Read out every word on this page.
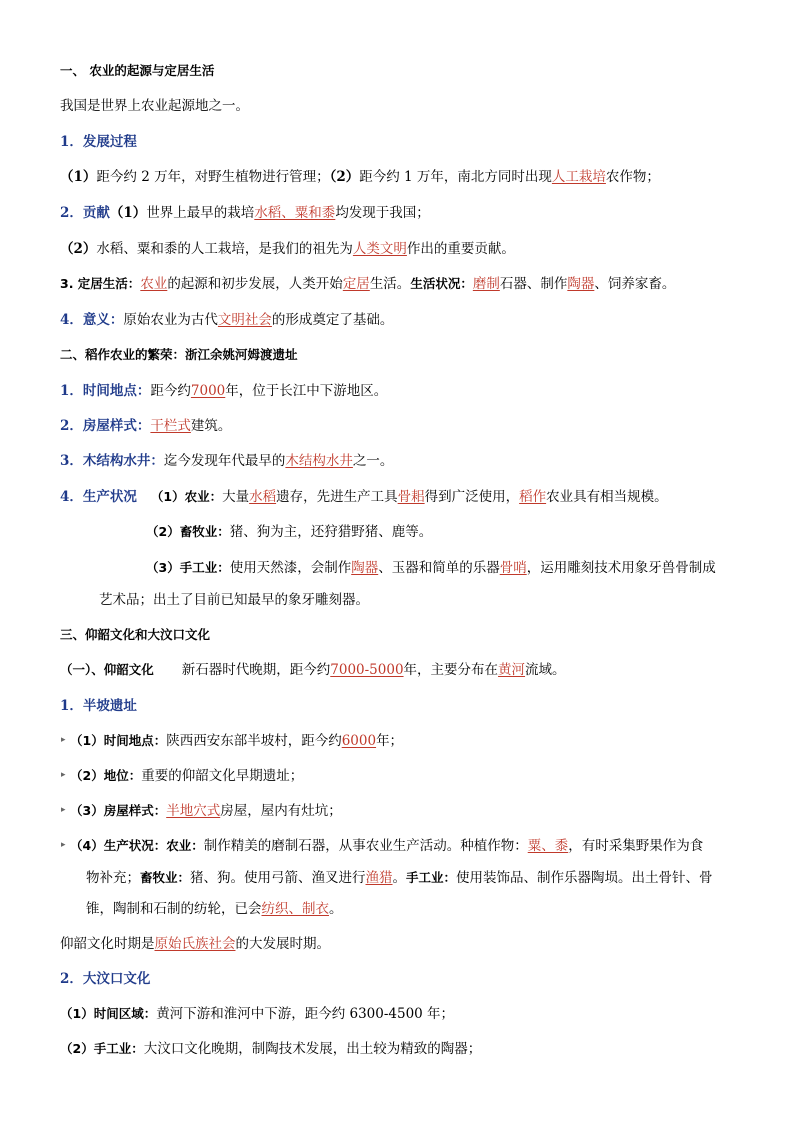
一、 农业的起源与定居生活
我国是世界上农业起源地之一。
1．发展过程
（1）距今约 2 万年，对野生植物进行管理；（2）距今约 1 万年，南北方同时出现人工栽培农作物；
2．贡献（1）世界上最早的栽培水稻、粟和黍均发现于我国；
（2）水稻、粟和黍的人工栽培，是我们的祖先为人类文明作出的重要贡献。
3. 定居生活：农业的起源和初步发展，人类开始定居生活。生活状况：磨制石器、制作陶器、饲养家畜。
4．意义：原始农业为古代文明社会的形成奠定了基础。
二、稻作农业的繁荣：浙江余姚河姆渡遗址
1．时间地点：距今约7000年，位于长江中下游地区。
2．房屋样式：干栏式建筑。
3．木结构水井：迄今发现年代最早的木结构水井之一。
4．生产状况 （1）农业：大量水稻遗存，先进生产工具骨耜得到广泛使用，稻作农业具有相当规模。
（2）畜牧业：猪、狗为主，还狩猎野猪、鹿等。
（3）手工业：使用天然漆，会制作陶器、玉器和简单的乐器骨哨，运用雕刻技术用象牙兽骨制成
艺术品；出土了目前已知最早的象牙雕刻器。
三、仰韶文化和大汶口文化
（一）、仰韶文化 新石器时代晚期，距今约7000-5000年，主要分布在黄河流域。
1．半坡遗址
▸ （1）时间地点：陕西西安东部半坡村，距今约6000年；
▸ （2）地位：重要的仰韶文化早期遗址；
▸ （3）房屋样式：半地穴式房屋，屋内有灶坑；
▸ （4）生产状况：农业：制作精美的磨制石器，从事农业生产活动。种植作物：粟、黍，有时采集野果作为食
物补充；畜牧业：猪、狗。使用弓箭、渔叉进行渔猎。手工业：使用装饰品、制作乐器陶埙。出土骨针、骨
锥，陶制和石制的纺轮，已会纺织、制衣。
仰韶文化时期是原始氏族社会的大发展时期。
2．大汶口文化
（1）时间区域：黄河下游和淮河中下游，距今约 6300-4500 年；
（2）手工业：大汶口文化晚期，制陶技术发展，出土较为精致的陶器；
